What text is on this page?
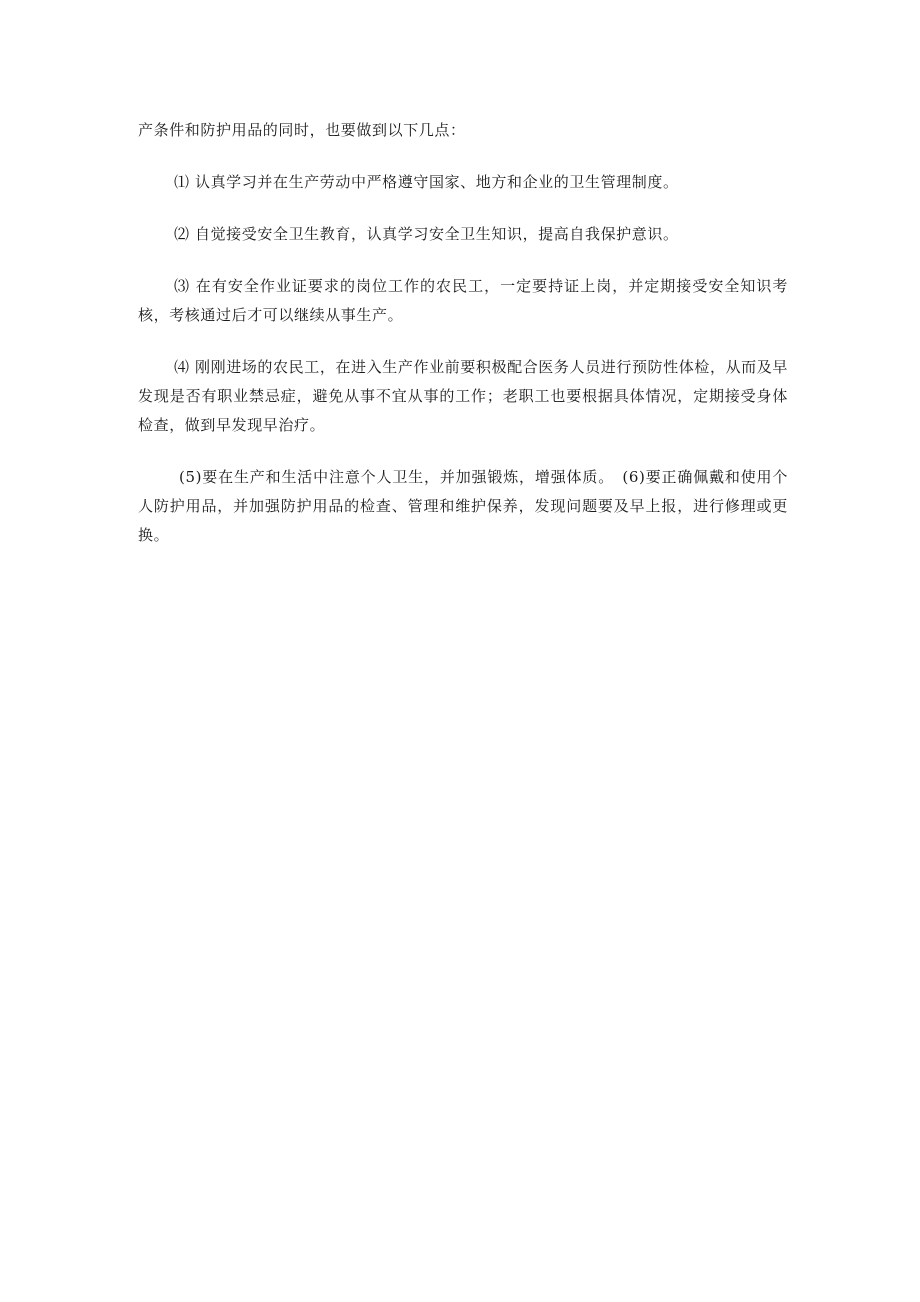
产条件和防护用品的同时，也要做到以下几点：

⑴ 认真学习并在生产劳动中严格遵守国家、地方和企业的卫生管理制度。

⑵ 自觉接受安全卫生教育，认真学习安全卫生知识，提高自我保护意识。

⑶ 在有安全作业证要求的岗位工作的农民工，一定要持证上岗，并定期接受安全知识考核，考核通过后才可以继续从事生产。

⑷ 刚刚进场的农民工，在进入生产作业前要积极配合医务人员进行预防性体检，从而及早发现是否有职业禁忌症，避免从事不宜从事的工作；老职工也要根据具体情况，定期接受身体检查，做到早发现早治疗。

(5)要在生产和生活中注意个人卫生，并加强锻炼，增强体质。　(6)要正确佩戴和使用个人防护用品，并加强防护用品的检查、管理和维护保养，发现问题要及早上报，进行修理或更换。
